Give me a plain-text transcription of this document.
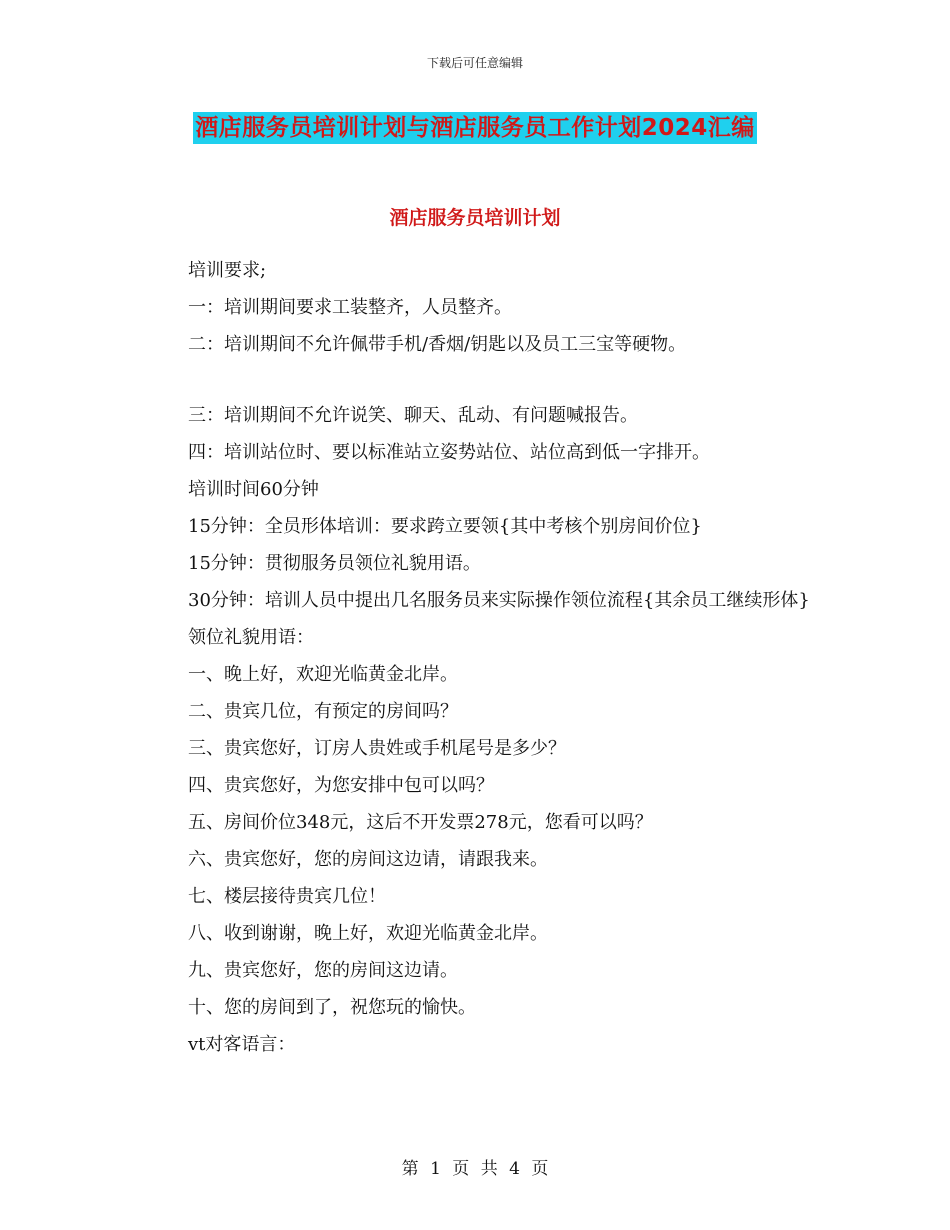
下载后可任意编辑
酒店服务员培训计划与酒店服务员工作计划2024汇编
酒店服务员培训计划

培训要求;

一：培训期间要求工装整齐，人员整齐。

二：培训期间不允许佩带手机/香烟/钥匙以及员工三宝等硬物。

三：培训期间不允许说笑、聊天、乱动、有问题喊报告。

四：培训站位时、要以标准站立姿势站位、站位高到低一字排开。

培训时间60分钟

15分钟：全员形体培训：要求跨立要领{其中考核个别房间价位}

15分钟：贯彻服务员领位礼貌用语。

30分钟：培训人员中提出几名服务员来实际操作领位流程{其余员工继续形体}

领位礼貌用语：

一、晚上好，欢迎光临黄金北岸。

二、贵宾几位，有预定的房间吗？

三、贵宾您好，订房人贵姓或手机尾号是多少？

四、贵宾您好，为您安排中包可以吗？

五、房间价位348元，这后不开发票278元，您看可以吗？

六、贵宾您好，您的房间这边请，请跟我来。

七、楼层接待贵宾几位！

八、收到谢谢，晚上好，欢迎光临黄金北岸。

九、贵宾您好，您的房间这边请。

十、您的房间到了，祝您玩的愉快。

vt对客语言：

第 1 页 共 4 页
